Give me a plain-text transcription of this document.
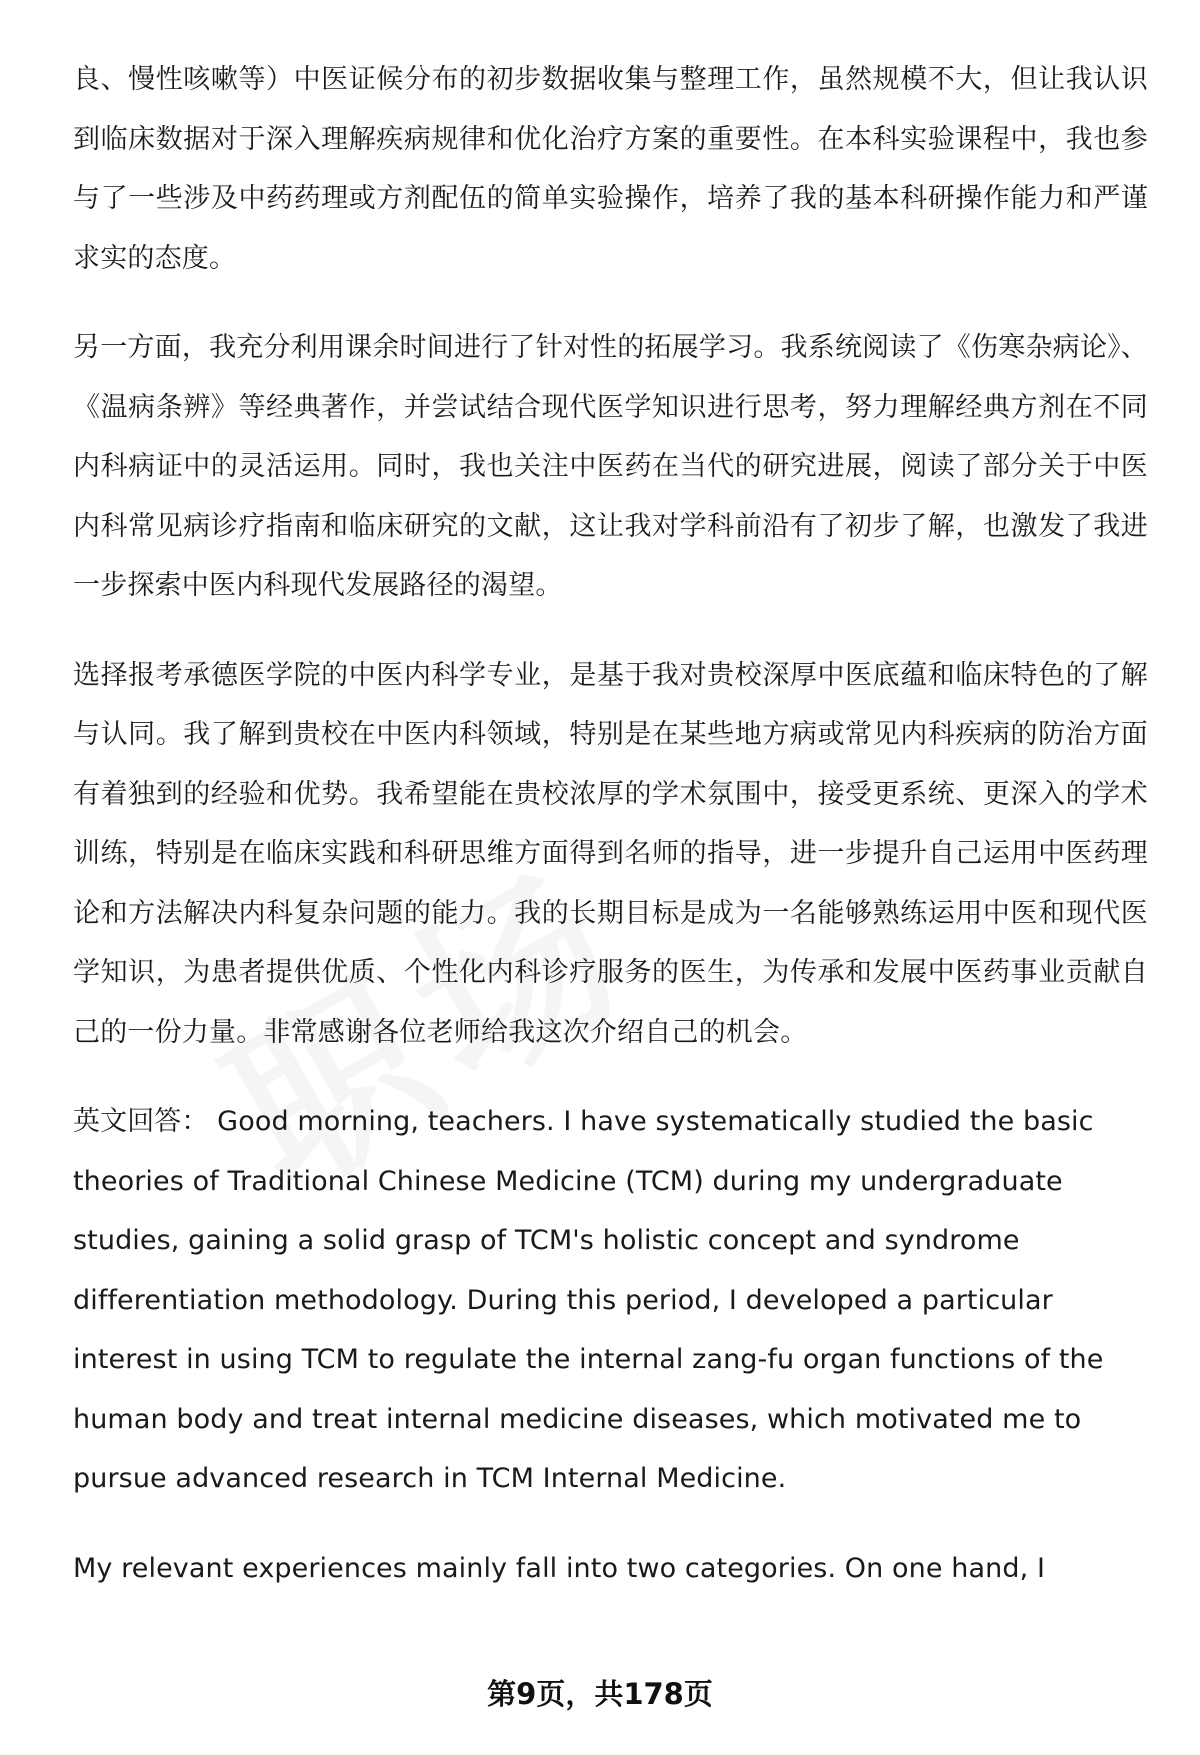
良、慢性咳嗽等）中医证候分布的初步数据收集与整理工作，虽然规模不大，但让我认识到临床数据对于深入理解疾病规律和优化治疗方案的重要性。在本科实验课程中，我也参与了一些涉及中药药理或方剂配伍的简单实验操作，培养了我的基本科研操作能力和严谨求实的态度。

另一方面，我充分利用课余时间进行了针对性的拓展学习。我系统阅读了《伤寒杂病论》、《温病条辨》等经典著作，并尝试结合现代医学知识进行思考，努力理解经典方剂在不同内科病证中的灵活运用。同时，我也关注中医药在当代的研究进展，阅读了部分关于中医内科常见病诊疗指南和临床研究的文献，这让我对学科前沿有了初步了解，也激发了我进一步探索中医内科现代发展路径的渴望。

选择报考承德医学院的中医内科学专业，是基于我对贵校深厚中医底蕴和临床特色的了解与认同。我了解到贵校在中医内科领域，特别是在某些地方病或常见内科疾病的防治方面有着独到的经验和优势。我希望能在贵校浓厚的学术氛围中，接受更系统、更深入的学术训练，特别是在临床实践和科研思维方面得到名师的指导，进一步提升自己运用中医药理论和方法解决内科复杂问题的能力。我的长期目标是成为一名能够熟练运用中医和现代医学知识，为患者提供优质、个性化内科诊疗服务的医生，为传承和发展中医药事业贡献自己的一份力量。非常感谢各位老师给我这次介绍自己的机会。

英文回答： Good morning, teachers. I have systematically studied the basic theories of Traditional Chinese Medicine (TCM) during my undergraduate studies, gaining a solid grasp of TCM's holistic concept and syndrome differentiation methodology. During this period, I developed a particular interest in using TCM to regulate the internal zang-fu organ functions of the human body and treat internal medicine diseases, which motivated me to pursue advanced research in TCM Internal Medicine.

My relevant experiences mainly fall into two categories. On one hand, I

第9页，共178页
